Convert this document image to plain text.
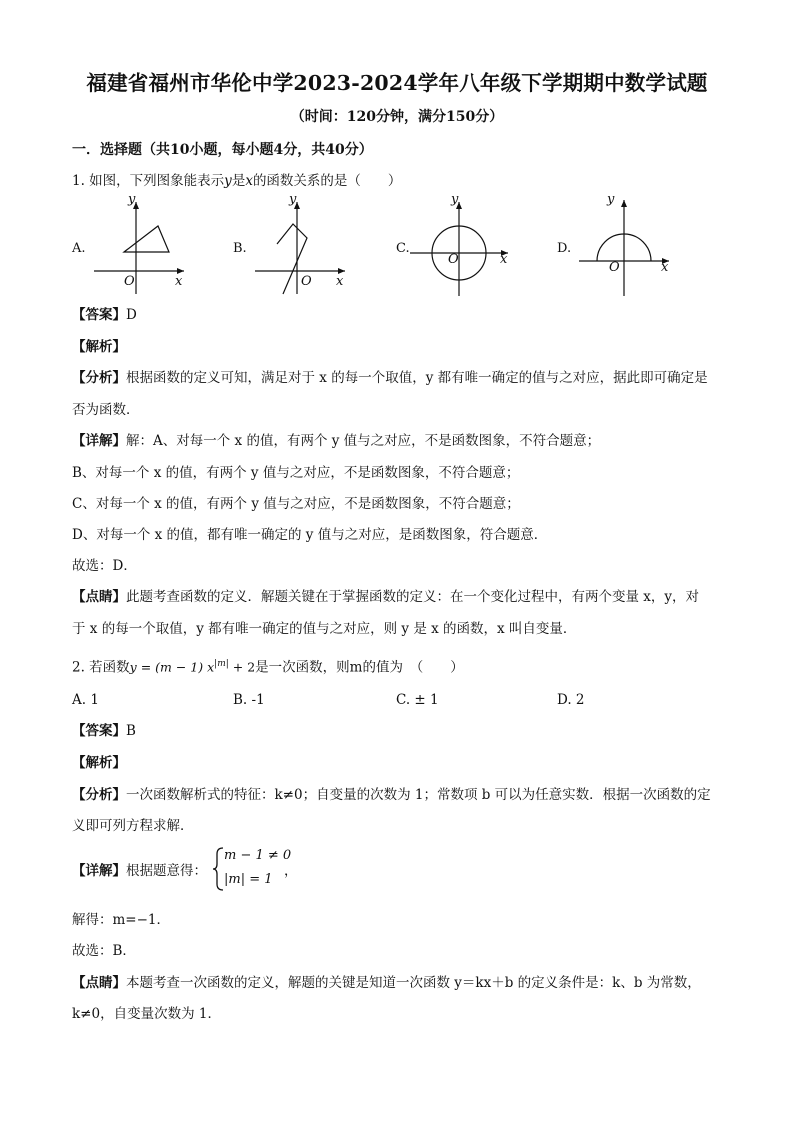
福建省福州市华伦中学2023-2024学年八年级下学期期中数学试题
（时间：120分钟，满分150分）
一．选择题（共10小题，每小题4分，共40分）
1. 如图，下列图象能表示y是x的函数关系的是（　　）
A.
y
x
O
B.
y
x
O
C.
y
x
O
D.
y
x
O
【答案】D
【解析】
【分析】根据函数的定义可知，满足对于 x 的每一个取值，y 都有唯一确定的值与之对应，据此即可确定是
否为函数．
【详解】解：A、对每一个 x 的值，有两个 y 值与之对应，不是函数图象，不符合题意；
B、对每一个 x 的值，有两个 y 值与之对应，不是函数图象，不符合题意；
C、对每一个 x 的值，有两个 y 值与之对应，不是函数图象，不符合题意；
D、对每一个 x 的值，都有唯一确定的 y 值与之对应，是函数图象，符合题意．
故选：D．
【点睛】此题考查函数的定义．解题关键在于掌握函数的定义：在一个变化过程中，有两个变量 x，y，对
于 x 的每一个取值，y 都有唯一确定的值与之对应，则 y 是 x 的函数，x 叫自变量．
2. 若函数y = (m − 1) $x^{|m|} + 2$是一次函数，则m的值为　（　　）
A. 1	B. -1	C. ± 1	D. 2
【答案】B
【解析】
【分析】一次函数解析式的特征：k≠0；自变量的次数为 1；常数项 b 可以为任意实数．根据一次函数的定
义即可列方程求解．
【详解】根据题意得：
m − 1 ≠ 0
|m| = 1
，
解得：m=−1．
故选：B．
【点睛】本题考查一次函数的定义，解题的关键是知道一次函数 y＝kx＋b 的定义条件是：k、b 为常数，
k≠0，自变量次数为 1．
